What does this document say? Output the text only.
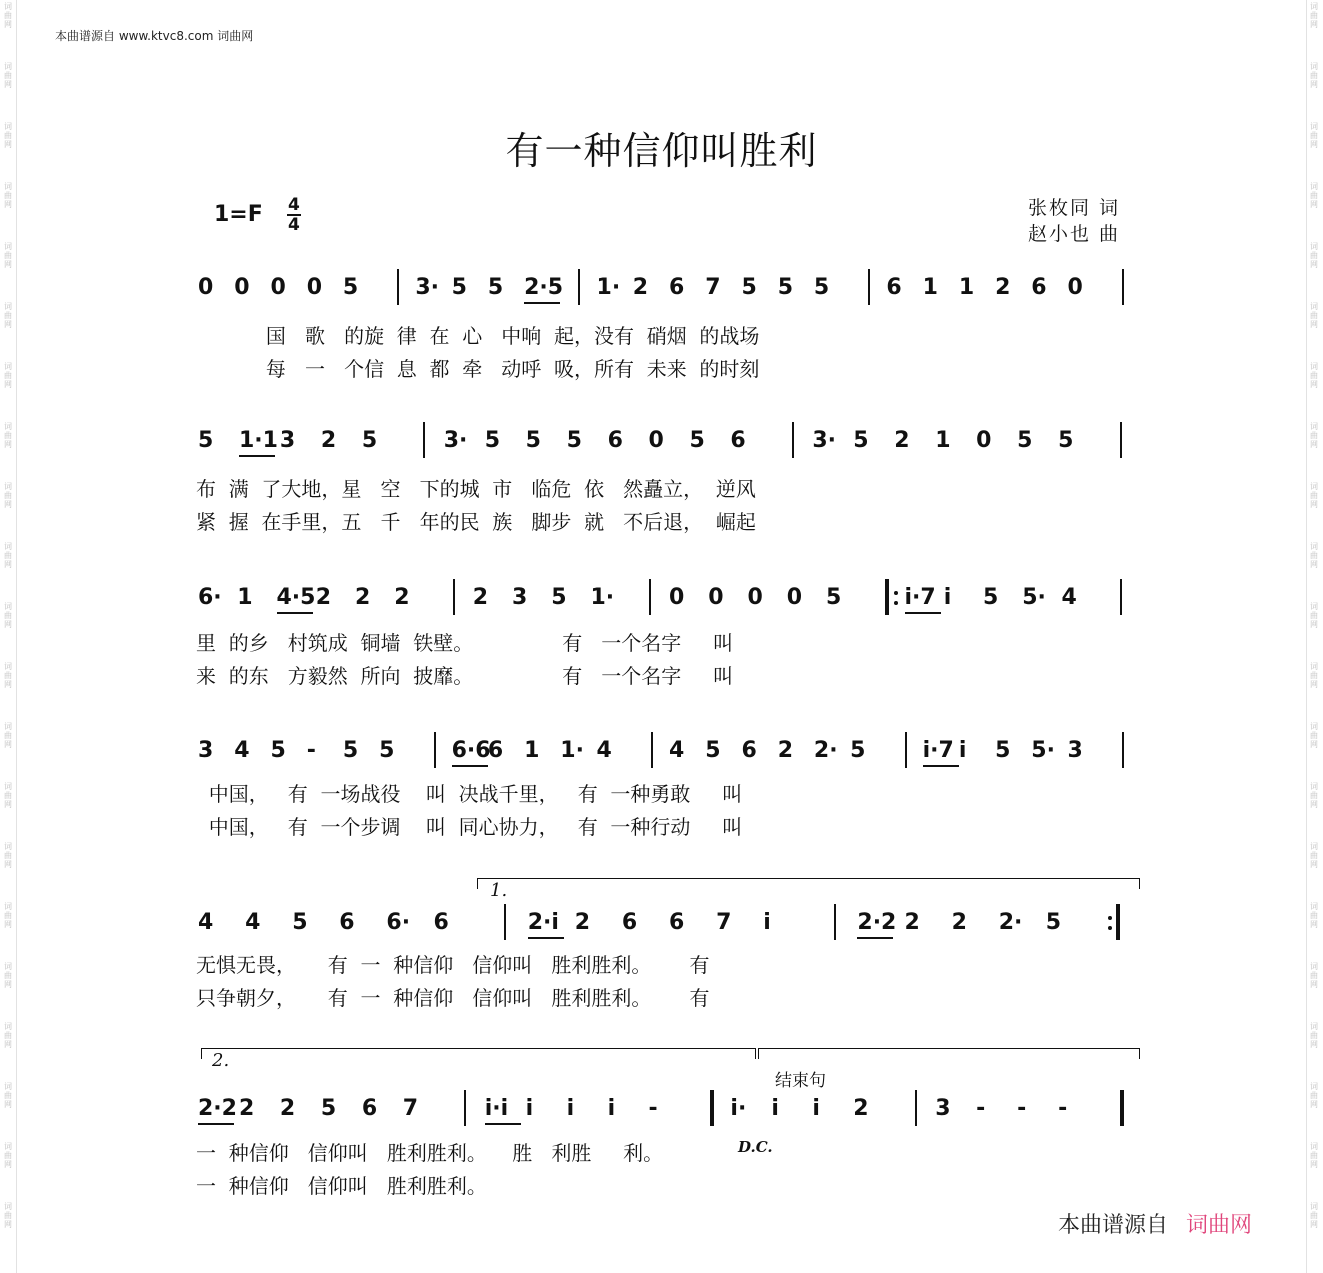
词
曲
网
词
曲
网
词
曲
网
词
曲
网
词
曲
网
词
曲
网
词
曲
网
词
曲
网
词
曲
网
词
曲
网
词
曲
网
词
曲
网
词
曲
网
词
曲
网
词
曲
网
词
曲
网
词
曲
网
词
曲
网
词
曲
网
词
曲
网
词
曲
网
词
曲
网
词
曲
网
词
曲
网
词
曲
网
词
曲
网
词
曲
网
词
曲
网
词
曲
网
词
曲
网
词
曲
网
词
曲
网
词
曲
网
词
曲
网
词
曲
网
词
曲
网
词
曲
网
词
曲
网
词
曲
网
词
曲
网
词
曲
网
词
曲
网
本曲谱源自 www.ktvc8.com 词曲网
有一种信仰叫胜利
$1=F \frac{4}{4}$	张枚同 词
赵小也 曲
0 0 0 0 5	3· 5 5 2·5 1· 2 6 7 5 5 5	6 1 1 2 6 0
5 1·1 3 2 5	3· 5 5 5 6 0 5 6	3· 5 2 1 0 5 5
6· 1 4·5 2 2 2	2 3 5 1· 0 0 0 0 5	i·7 i 5 5· 4
3 4 5 - 5 5	6·6
6 1 1· 4	4 5 6 2 2· 5	i·7 i 5 5· 3
4 4 5 6 6· 6	2·i 2 6 6 7 i	2·2 2 2 2· 5
2·2 2 2 5 6 7	i·i i i i -	i· i i 2	3 - - -
国   歌   的旋  律  在  心   中响  起，没有  硝烟  的战场
每   一   个信  息  都  牵   动呼  吸，所有  未来  的时刻
布  满  了大地，星   空   下的城  市   临危  依   然矗立，  逆风
紧  握  在手里，五   千   年的民  族   脚步  就   不后退，  崛起
里  的乡   村筑成  铜墙  铁壁。              有   一个名字     叫
来  的东   方毅然  所向  披靡。              有   一个名字     叫
中国，   有  一场战役    叫  决战千里，   有  一种勇敢     叫
中国，   有  一个步调    叫  同心协力，   有  一种行动     叫
无惧无畏，     有  一  种信仰   信仰叫   胜利胜利。      有
只争朝夕，     有  一  种信仰   信仰叫   胜利胜利。      有
一  种信仰   信仰叫   胜利胜利。    胜   利胜     利。
一  种信仰   信仰叫   胜利胜利。
1.
2.
结束句
D.C.
本曲谱源自 词曲网
